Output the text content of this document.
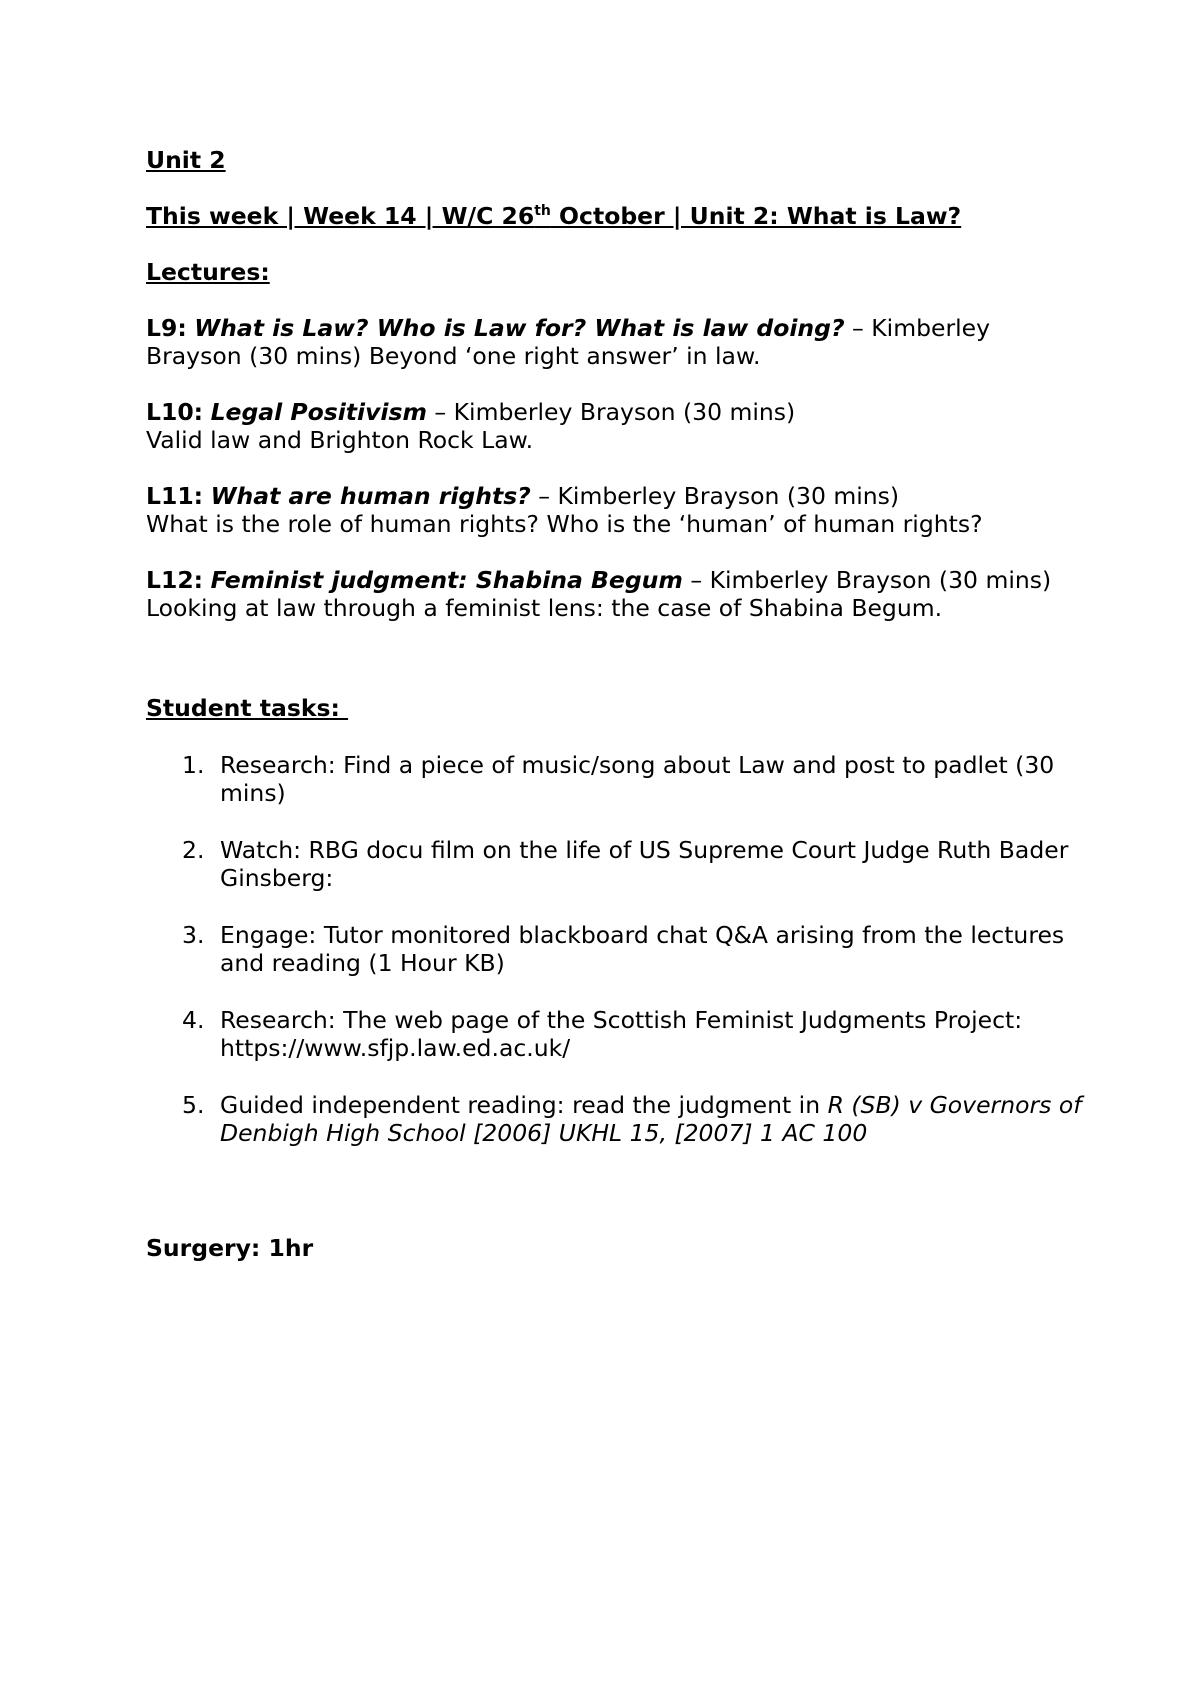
Unit 2

This week | Week 14 | W/C 26th October | Unit 2: What is Law?

Lectures:

L9: What is Law? Who is Law for? What is law doing? – Kimberley Brayson (30 mins) Beyond ‘one right answer’ in law.

L10: Legal Positivism – Kimberley Brayson (30 mins)

Valid law and Brighton Rock Law.

L11: What are human rights? – Kimberley Brayson (30 mins)

What is the role of human rights? Who is the ‘human’ of human rights?

L12: Feminist judgment: Shabina Begum – Kimberley Brayson (30 mins)

Looking at law through a feminist lens: the case of Shabina Begum.

Student tasks:

1. Research: Find a piece of music/song about Law and post to padlet (30 mins)
2. Watch: RBG docu film on the life of US Supreme Court Judge Ruth Bader Ginsberg:
3. Engage: Tutor monitored blackboard chat Q&A arising from the lectures and reading (1 Hour KB)
4. Research: The web page of the Scottish Feminist Judgments Project: https://www.sfjp.law.ed.ac.uk/
5. Guided independent reading: read the judgment in R (SB) v Governors of Denbigh High School [2006] UKHL 15, [2007] 1 AC 100

Surgery: 1hr
